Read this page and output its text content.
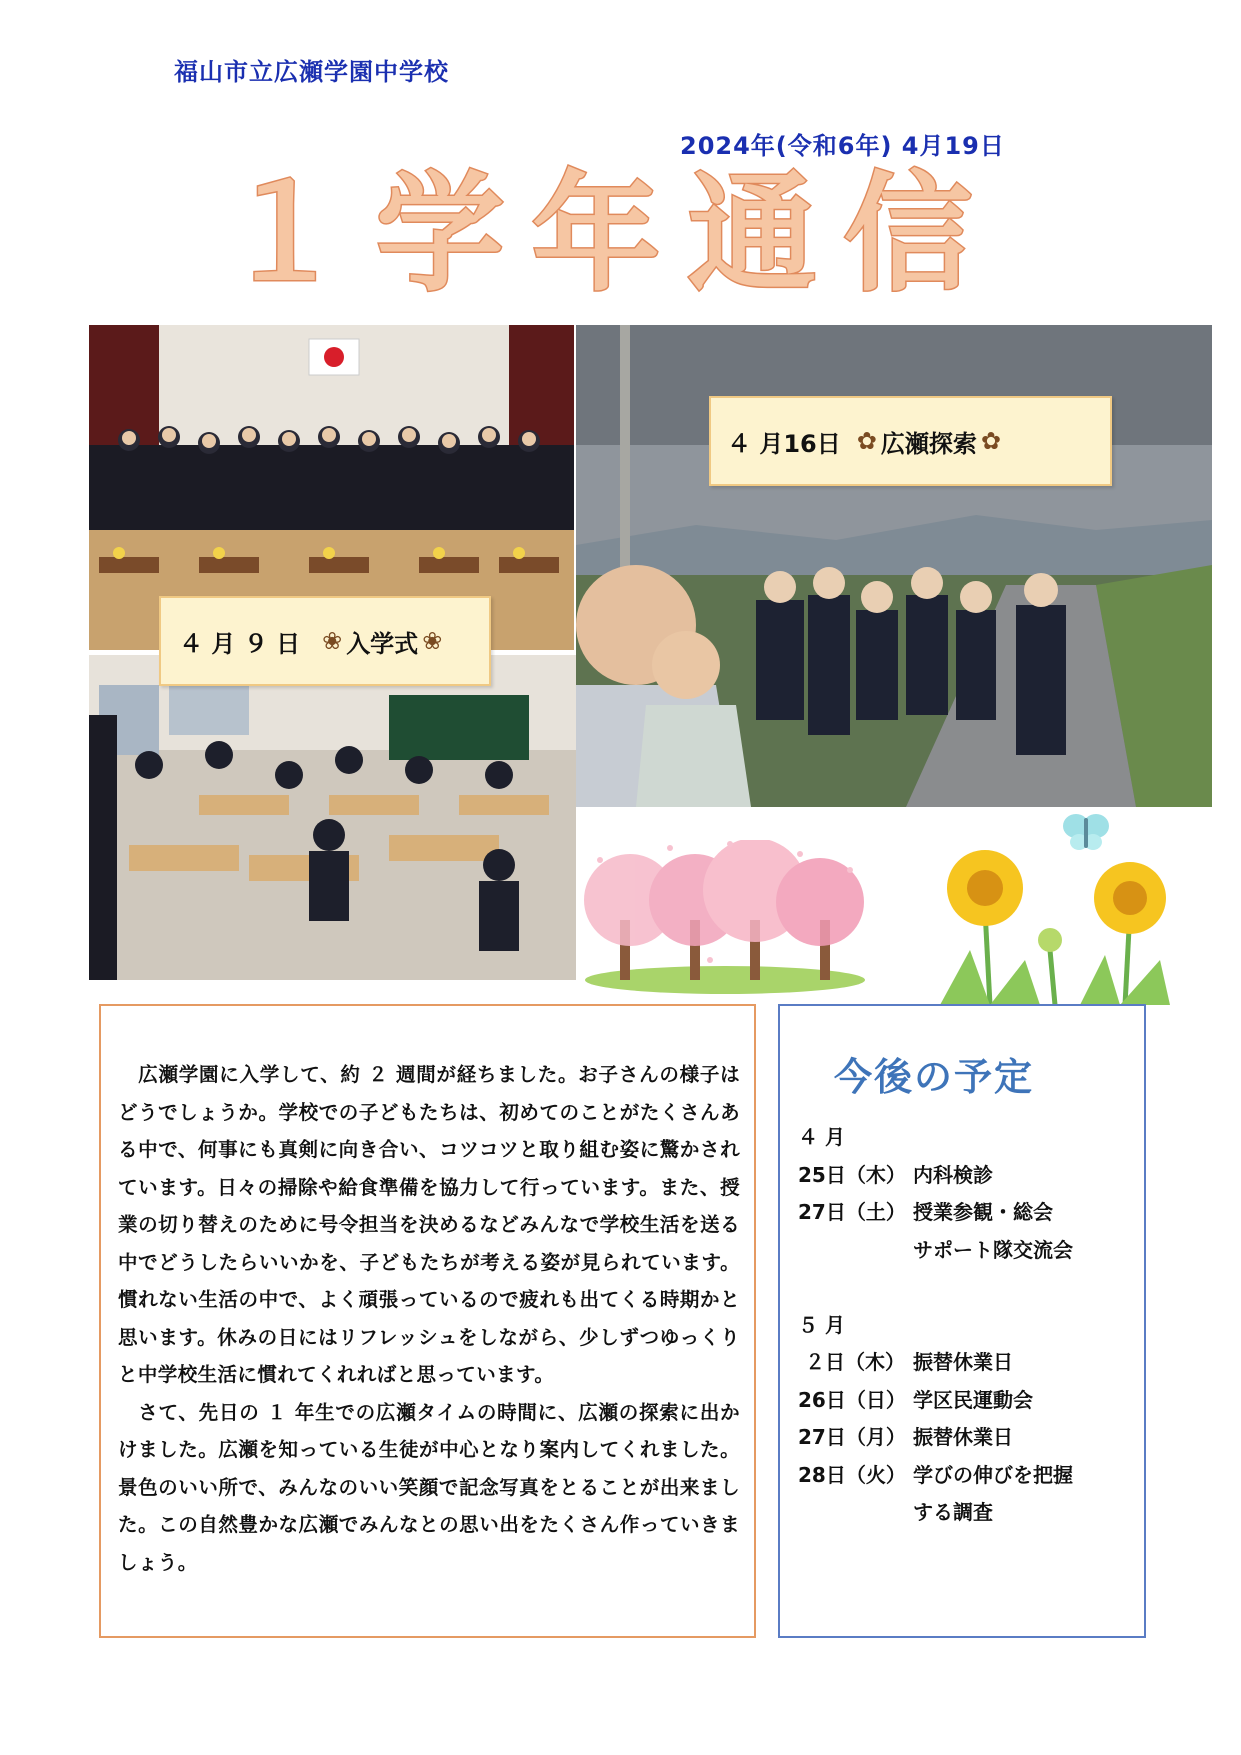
福山市立広瀬学園中学校
2024年(令和6年) 4月19日
１学年通信
４ 月 ９ 日 ❀ 入学式 ❀
４ 月16日 ✿ 広瀬探索 ✿

　広瀬学園に入学して、約 ２ 週間が経ちました。お子さんの様子はどうでしょうか。学校での子どもたちは、初めてのことがたくさんある中で、何事にも真剣に向き合い、コツコツと取り組む姿に驚かされています。日々の掃除や給食準備を協力して行っています。また、授業の切り替えのために号令担当を決めるなどみんなで学校生活を送る中でどうしたらいいかを、子どもたちが考える姿が見られています。慣れない生活の中で、よく頑張っているので疲れも出てくる時期かと思います。休みの日にはリフレッシュをしながら、少しずつゆっくりと中学校生活に慣れてくれればと思っています。

　さて、先日の １ 年生での広瀬タイムの時間に、広瀬の探索に出かけました。広瀬を知っている生徒が中心となり案内してくれました。景色のいい所で、みんなのいい笑顔で記念写真をとることが出来ました。この自然豊かな広瀬でみんなとの思い出をたくさん作っていきましょう。

今後の予定
４ 月
25日（木） 内科検診
27日（土） 授業参観・総会
サポート隊交流会
５ 月
２日（木） 振替休業日
26日（日） 学区民運動会
27日（月） 振替休業日
28日（火） 学びの伸びを把握
する調査
